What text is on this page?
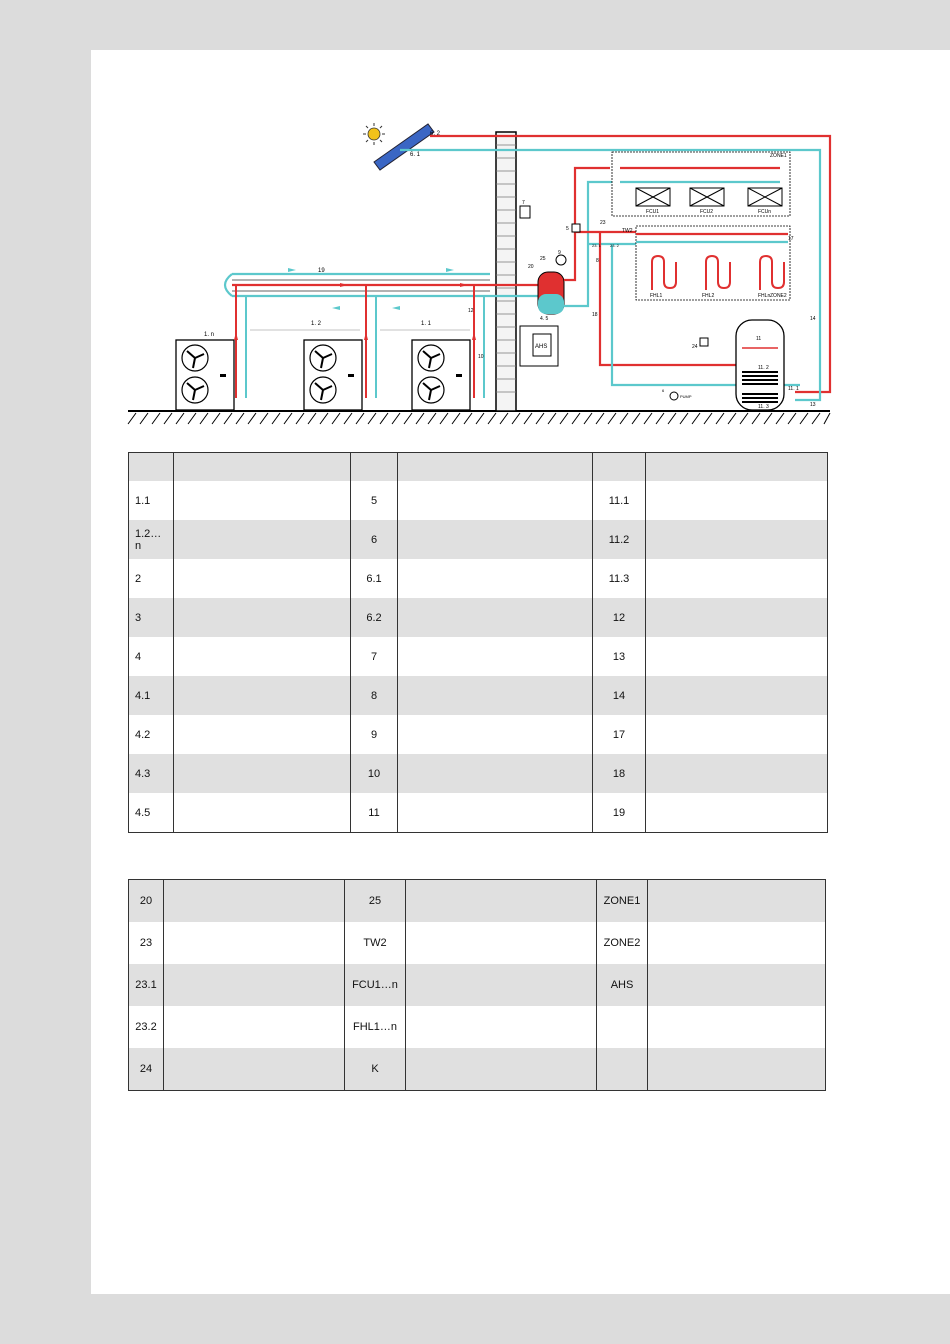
6. 2
6. 1
19
1. n
1. 2	1. 1
4. 5
AHS
ZONE1
FCU1	FCU2	FCUn
ZONE2
FHL1	FHL2	FHLn
11
11. 2
11. 1
11. 3
PUMP
5
23
TW2
23. 1 23. 2
17
18
20
25
24
14
13
7
9
10
12
8
6

1.1		5		11.1	
1.2…n		6		11.2	
2		6.1		11.3	
3		6.2		12	
4		7		13	
4.1		8		14	
4.2		9		17	
4.3		10		18	
4.5		11		19	
20		25		ZONE1	
23		TW2		ZONE2	
23.1		FCU1…n		AHS	
23.2		FHL1…n			
24		K			
